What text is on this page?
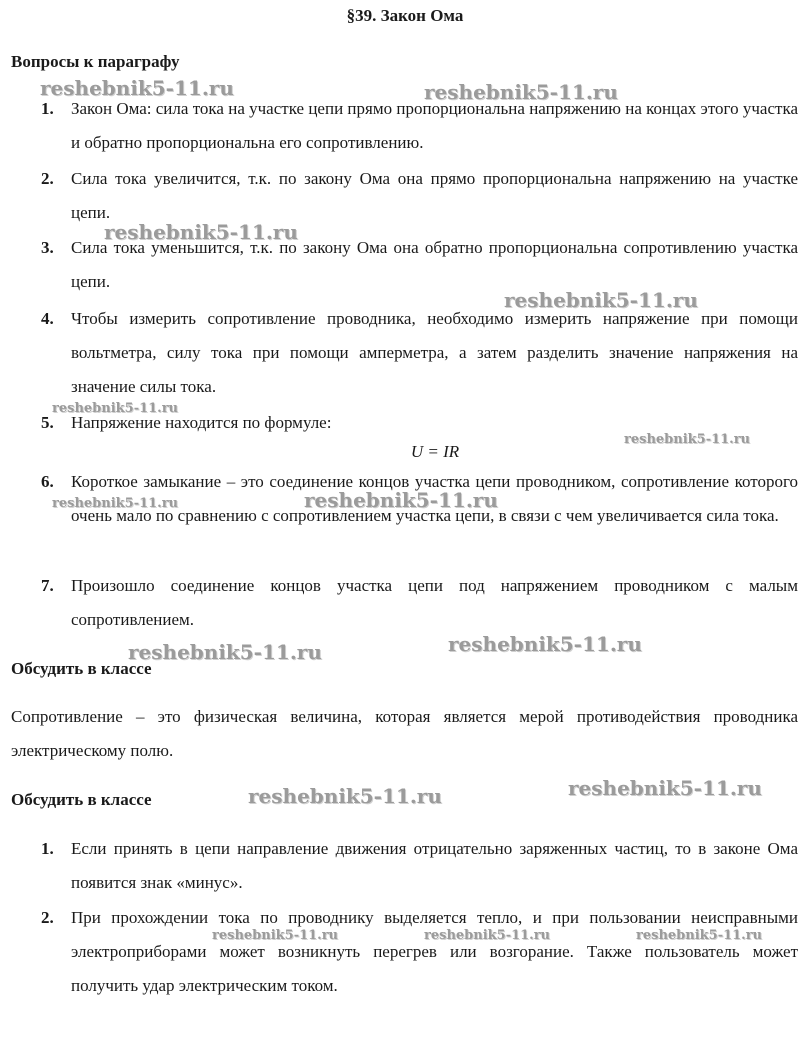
§39. Закон Ома
Вопросы к параграфу
1.	Закон Ома: сила тока на участке цепи прямо пропорциональна напряжению на концах этого участка и обратно пропорциональна его сопротивлению.
2.	Сила тока увеличится, т.к. по закону Ома она прямо пропорциональна напряжению на участке цепи.
3.	Сила тока уменьшится, т.к. по закону Ома она обратно пропорциональна сопротивлению участка цепи.
4.	Чтобы измерить сопротивление проводника, необходимо измерить напряжение при помощи вольтметра, силу тока при помощи амперметра, а затем разделить значение напряжения на значение силы тока.
5.	Напряжение находится по формуле:
U = IR
6.	Короткое замыкание – это соединение концов участка цепи проводником, сопротивление которого очень мало по сравнению с сопротивлением участка цепи, в связи с чем увеличивается сила тока.
7.	Произошло соединение концов участка цепи под напряжением проводником с малым сопротивлением.
Обсудить в классе
Сопротивление – это физическая величина, которая является мерой противодействия проводника электрическому полю.
Обсудить в классе
1.	Если принять в цепи направление движения отрицательно заряженных частиц, то в законе Ома появится знак «минус».
2.	При прохождении тока по проводнику выделяется тепло, и при пользовании неисправными электроприборами может возникнуть перегрев или возгорание. Также пользователь может получить удар электрическим током.
reshebnik5-11.ru	reshebnik5-11.ru
reshebnik5-11.ru
reshebnik5-11.ru
reshebnik5-11.ru
reshebnik5-11.ru
reshebnik5-11.ru	reshebnik5-11.ru
reshebnik5-11.ru	reshebnik5-11.ru
reshebnik5-11.ru	reshebnik5-11.ru
reshebnik5-11.ru	reshebnik5-11.ru	reshebnik5-11.ru
